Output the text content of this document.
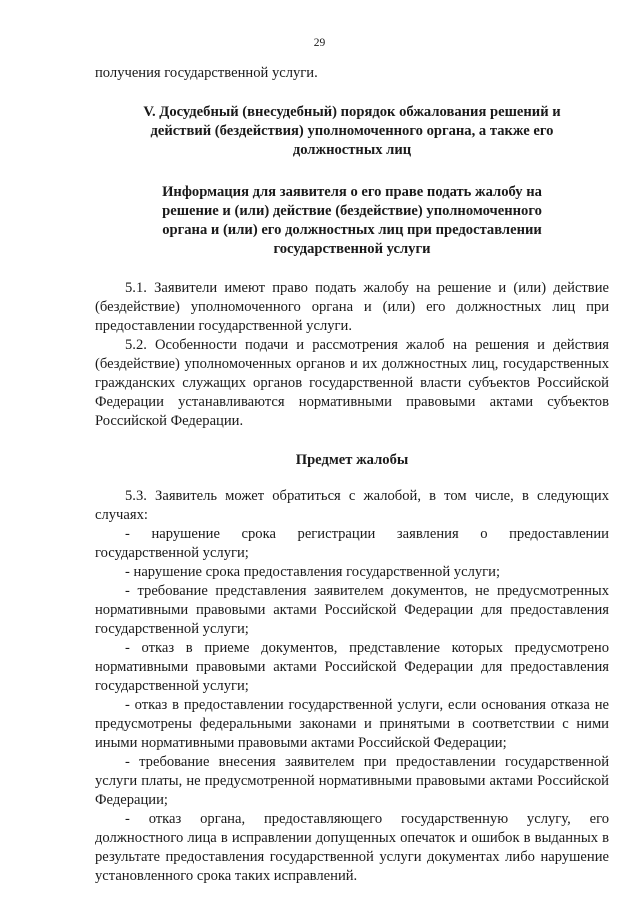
29

получения государственной услуги.

V. Досудебный (внесудебный) порядок обжалования решений и действий (бездействия) уполномоченного органа, а также его должностных лиц

Информация для заявителя о его праве подать жалобу на решение и (или) действие (бездействие) уполномоченного органа и (или) его должностных лиц при предоставлении государственной услуги

5.1. Заявители имеют право подать жалобу на решение и (или) действие (бездействие) уполномоченного органа и (или) его должностных лиц при предоставлении государственной услуги.

5.2. Особенности подачи и рассмотрения жалоб на решения и действия (бездействие) уполномоченных органов и их должностных лиц, государственных гражданских служащих органов государственной власти субъектов Российской Федерации устанавливаются нормативными правовыми актами субъектов Российской Федерации.

Предмет жалобы

5.3. Заявитель может обратиться с жалобой, в том числе, в следующих случаях:

- нарушение срока регистрации заявления о предоставлении государственной услуги;

- нарушение срока предоставления государственной услуги;

- требование представления заявителем документов, не предусмотренных нормативными правовыми актами Российской Федерации для предоставления государственной услуги;

- отказ в приеме документов, представление которых предусмотрено нормативными правовыми актами Российской Федерации для предоставления государственной услуги;

- отказ в предоставлении государственной услуги, если основания отказа не предусмотрены федеральными законами и принятыми в соответствии с ними иными нормативными правовыми актами Российской Федерации;

- требование внесения заявителем при предоставлении государственной услуги платы, не предусмотренной нормативными правовыми актами Российской Федерации;

- отказ органа, предоставляющего государственную услугу, его должностного лица в исправлении допущенных опечаток и ошибок в выданных в результате предоставления государственной услуги документах либо нарушение установленного срока таких исправлений.
